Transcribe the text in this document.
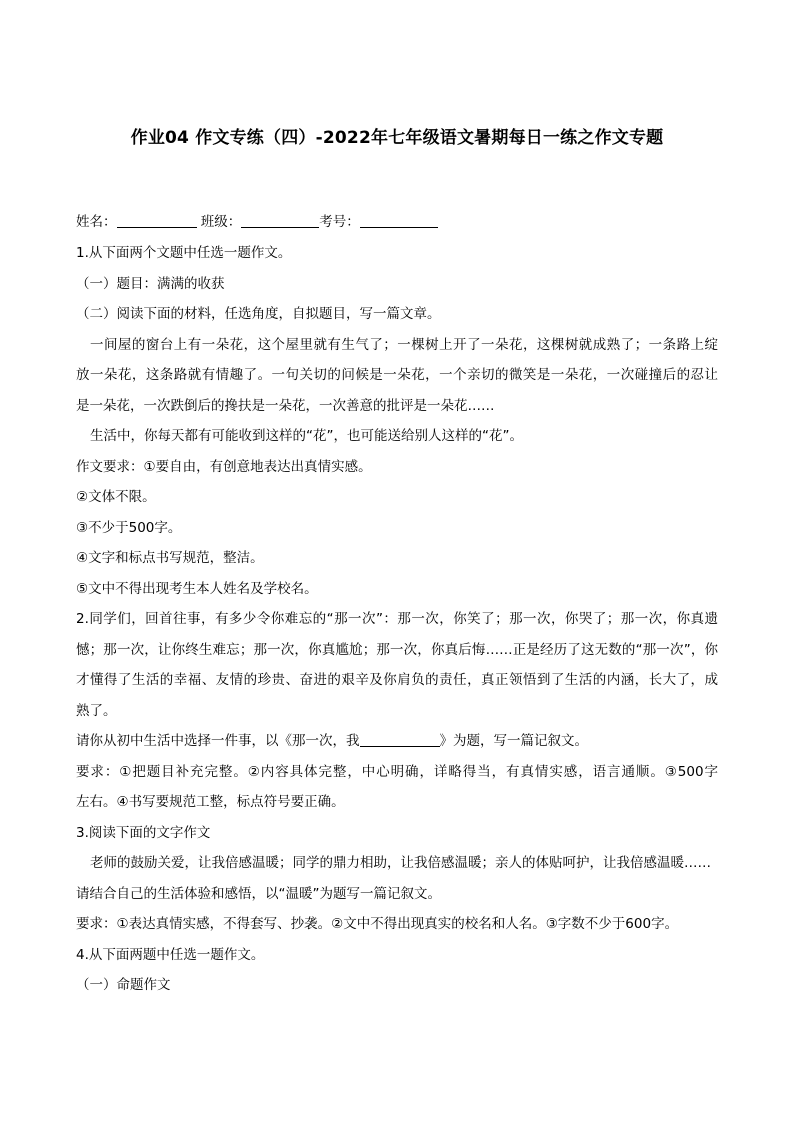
作业04 作文专练（四）-2022年七年级语文暑期每日一练之作文专题
姓名：	班级：	考号：
1.从下面两个文题中任选一题作文。
（一）题目：满满的收获
（二）阅读下面的材料，任选角度，自拟题目，写一篇文章。
一间屋的窗台上有一朵花，这个屋里就有生气了；一棵树上开了一朵花，这棵树就成熟了；一条路上绽
放一朵花，这条路就有情趣了。一句关切的问候是一朵花，一个亲切的微笑是一朵花，一次碰撞后的忍让
是一朵花，一次跌倒后的搀扶是一朵花，一次善意的批评是一朵花……
生活中，你每天都有可能收到这样的“花”，也可能送给别人这样的“花”。
作文要求：①要自由，有创意地表达出真情实感。
②文体不限。
③不少于500字。
④文字和标点书写规范，整洁。
⑤文中不得出现考生本人姓名及学校名。
2.同学们，回首往事，有多少令你难忘的“那一次”：那一次，你笑了；那一次，你哭了；那一次，你真遗
憾；那一次，让你终生难忘；那一次，你真尴尬；那一次，你真后悔……正是经历了这无数的“那一次”，你
才懂得了生活的幸福、友情的珍贵、奋进的艰辛及你肩负的责任，真正领悟到了生活的内涵，长大了，成
熟了。
请你从初中生活中选择一件事，以《那一次，我	》为题，写一篇记叙文。
要求：①把题目补充完整。②内容具体完整，中心明确，详略得当，有真情实感，语言通顺。③500字
左右。④书写要规范工整，标点符号要正确。
3.阅读下面的文字作文
老师的鼓励关爱，让我倍感温暖；同学的鼎力相助，让我倍感温暖；亲人的体贴呵护，让我倍感温暖……
请结合自己的生活体验和感悟，以“温暖”为题写一篇记叙文。
要求：①表达真情实感，不得套写、抄袭。②文中不得出现真实的校名和人名。③字数不少于600字。
4.从下面两题中任选一题作文。
（一）命题作文
